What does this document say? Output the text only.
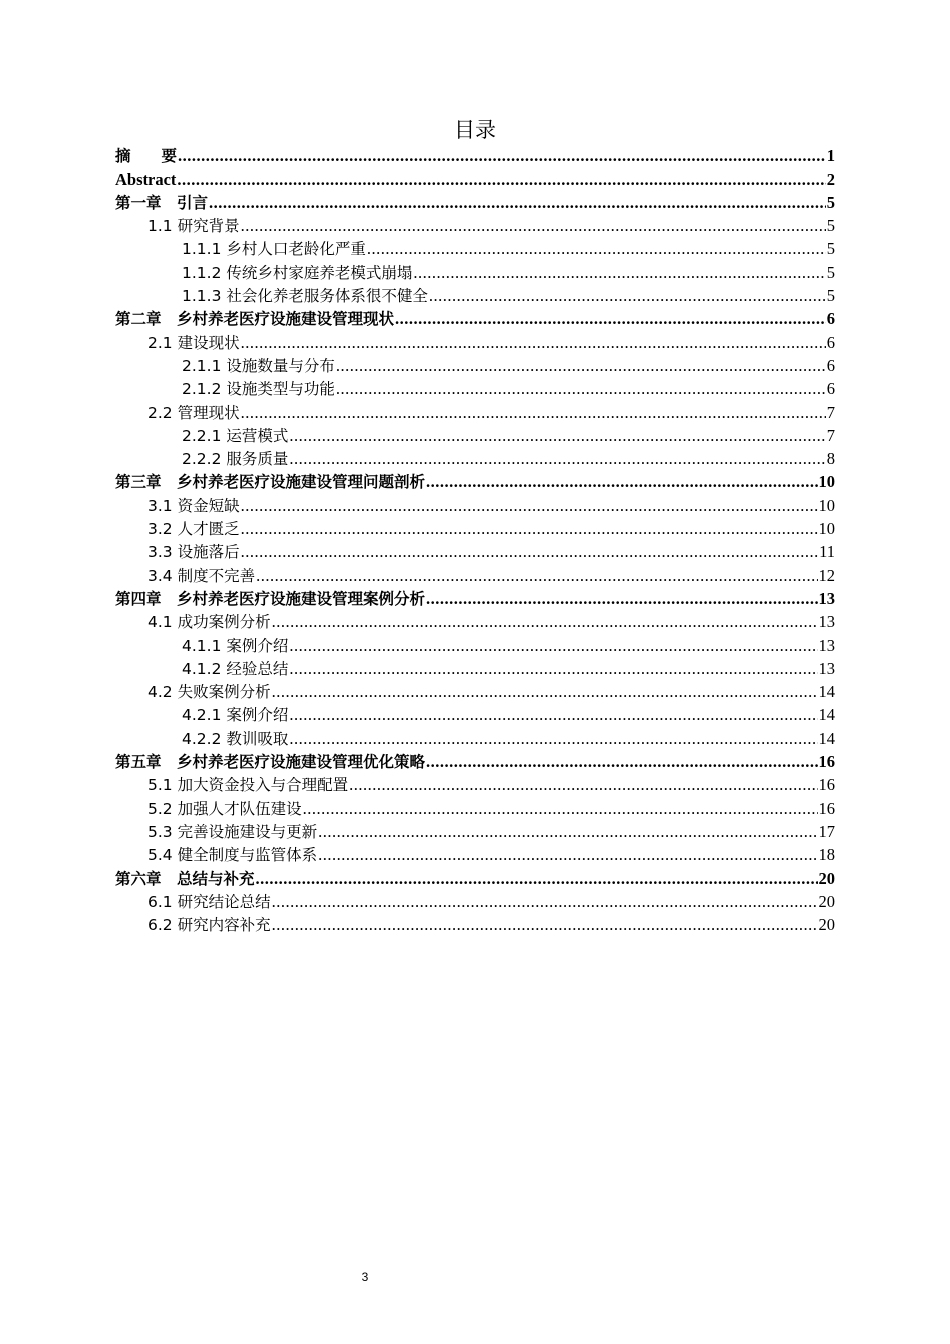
目录
摘　　要 .....	1
Abstract .....	2
第一章　引言 .....	5
1.1 研究背景 .....	5
1.1.1 乡村人口老龄化严重 .....	5
1.1.2 传统乡村家庭养老模式崩塌 .....	5
1.1.3 社会化养老服务体系很不健全 .....	5
第二章　乡村养老医疗设施建设管理现状 .....	6
2.1 建设现状 .....	6
2.1.1 设施数量与分布 .....	6
2.1.2 设施类型与功能 .....	6
2.2 管理现状 .....	7
2.2.1 运营模式 .....	7
2.2.2 服务质量 .....	8
第三章　乡村养老医疗设施建设管理问题剖析 .....	10
3.1 资金短缺 .....	10
3.2 人才匮乏 .....	10
3.3 设施落后 .....	11
3.4 制度不完善 .....	12
第四章　乡村养老医疗设施建设管理案例分析 .....	13
4.1 成功案例分析 .....	13
4.1.1 案例介绍 .....	13
4.1.2 经验总结 .....	13
4.2 失败案例分析 .....	14
4.2.1 案例介绍 .....	14
4.2.2 教训吸取 .....	14
第五章　乡村养老医疗设施建设管理优化策略 .....	16
5.1 加大资金投入与合理配置 .....	16
5.2 加强人才队伍建设 .....	16
5.3 完善设施建设与更新 .....	17
5.4 健全制度与监管体系 .....	18
第六章　总结与补充 .....	20
6.1 研究结论总结 .....	20
6.2 研究内容补充 .....	20
3
